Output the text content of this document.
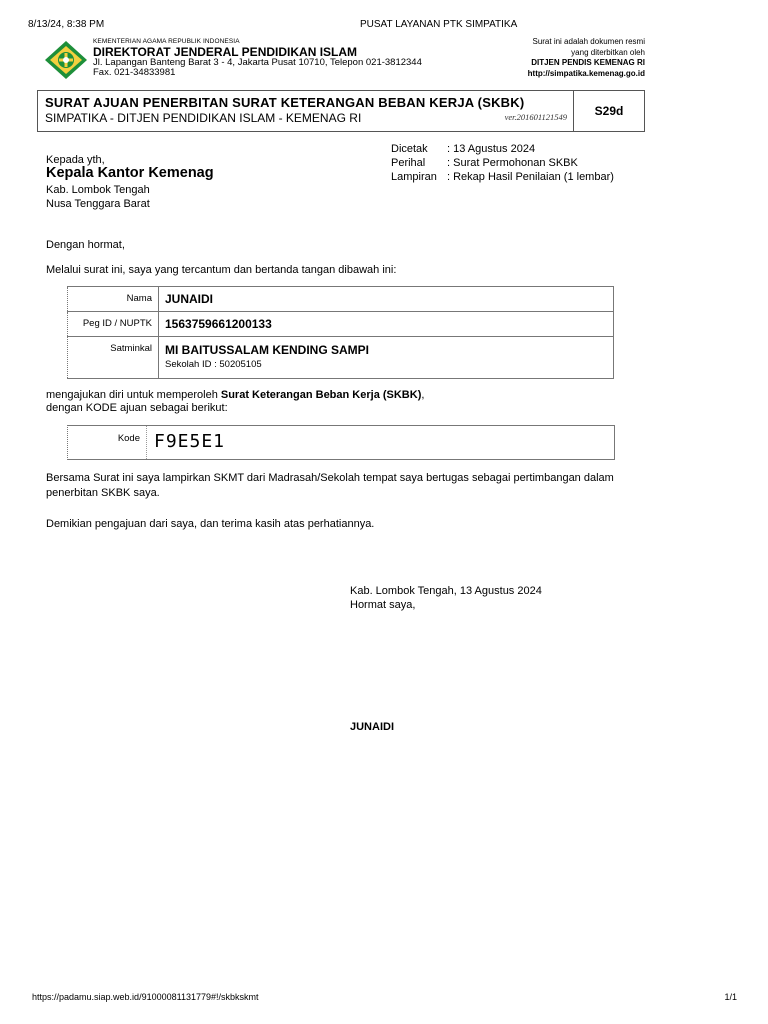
8/13/24, 8:38 PM	PUSAT LAYANAN PTK SIMPATIKA
KEMENTERIAN AGAMA REPUBLIK INDONESIA
DIREKTORAT JENDERAL PENDIDIKAN ISLAM
Jl. Lapangan Banteng Barat 3 - 4, Jakarta Pusat 10710, Telepon 021-3812344
Fax. 021-34833981
Surat ini adalah dokumen resmi
yang diterbitkan oleh
DITJEN PENDIS KEMENAG RI
http://simpatika.kemenag.go.id
SURAT AJUAN PENERBITAN SURAT KETERANGAN BEBAN KERJA (SKBK)
SIMPATIKA - DITJEN PENDIDIKAN ISLAM - KEMENAG RI	ver.201601121549	S29d
Kepada yth,
Kepala Kantor Kemenag
Kab. Lombok Tengah
Nusa Tenggara Barat
Dicetak	: 13 Agustus 2024
Perihal	: Surat Permohonan SKBK
Lampiran	: Rekap Hasil Penilaian (1 lembar)
Dengan hormat,
Melalui surat ini, saya yang tercantum dan bertanda tangan dibawah ini:
Nama	JUNAIDI
Peg ID / NUPTK	1563759661200133
Satminkal	MI BAITUSSALAM KENDING SAMPI
Sekolah ID : 50205105
mengajukan diri untuk memperoleh Surat Keterangan Beban Kerja (SKBK),
dengan KODE ajuan sebagai berikut:
Kode F9E5E1
Bersama Surat ini saya lampirkan SKMT dari Madrasah/Sekolah tempat saya bertugas sebagai pertimbangan dalam
penerbitan SKBK saya.
Demikian pengajuan dari saya, dan terima kasih atas perhatiannya.
Kab. Lombok Tengah, 13 Agustus 2024
Hormat saya,
JUNAIDI
https://padamu.siap.web.id/9100008113177​9#!/skbkskmt	1/1
